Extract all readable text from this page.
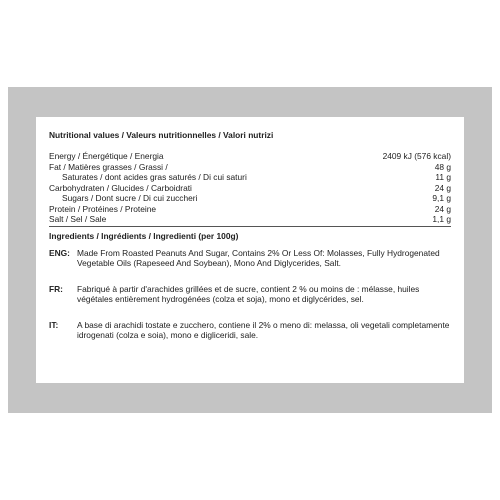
Nutritional values / Valeurs nutritionnelles / Valori nutrizi
Energy / Énergétique / Energia	2409 kJ (576 kcal)
Fat / Matières grasses / Grassi /	48 g
Saturates / dont acides gras saturés / Di cui saturi	11 g
Carbohydraten / Glucides / Carboidrati	24 g
Sugars / Dont sucre / Di cui zuccheri	9,1 g
Protein / Protéines / Proteine	24 g
Salt / Sel / Sale	1,1 g
Ingredients / Ingrédients / Ingredienti (per 100g)
ENG: Made From Roasted Peanuts And Sugar, Contains 2% Or Less Of: Molasses, Fully Hydrogenated Vegetable Oils (Rapeseed And Soybean), Mono And Diglycerides, Salt.
FR:	Fabriqué à partir d'arachides grillées et de sucre, contient 2 % ou moins de : mélasse, huiles végétales entièrement hydrogénées (colza et soja), mono et diglycérides, sel.
IT:	A base di arachidi tostate e zucchero, contiene il 2% o meno di: melassa, oli vegetali completamente idrogenati (colza e soia), mono e digliceridi, sale.
